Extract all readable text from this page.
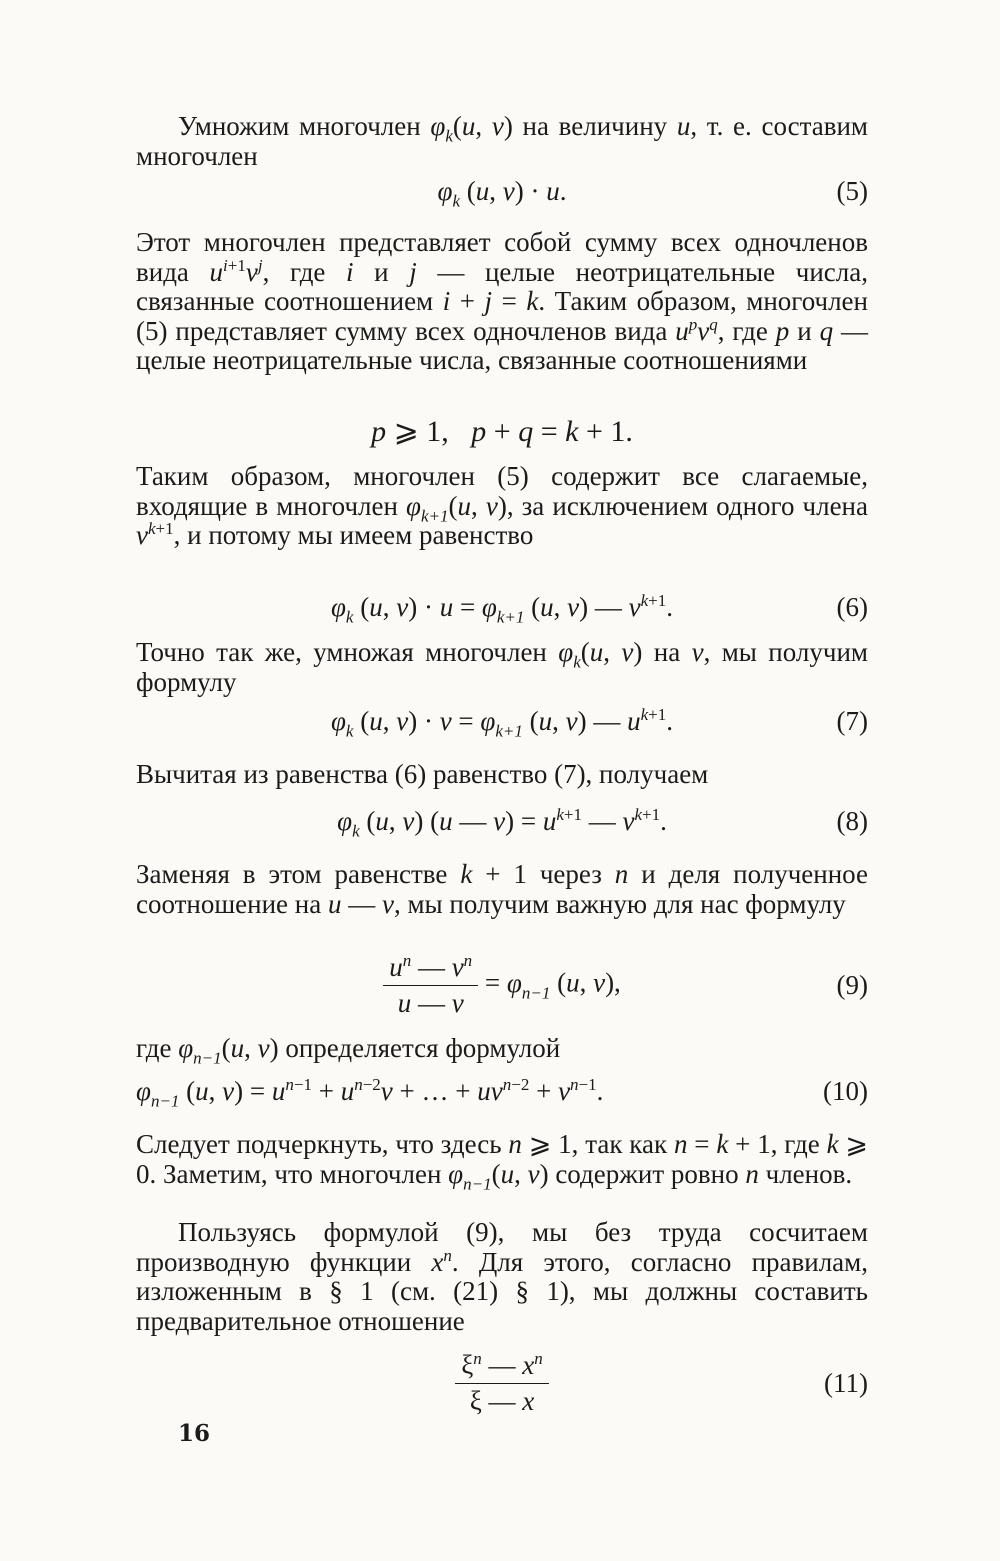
Умножим многочлен $\varphi_k(u$, v) на величину u, т. е. составим многочлен
$\varphi_k$ (u, v) · u.	(5)
Этот многочлен представляет собой сумму всех одночленов вида $u^{i+1}v^j$, где i и j — целые неотрицательные числа, связанные соотношением i + j = k. Таким образом, многочлен (5) представляет сумму всех одночленов вида $u^pv^q$, где p и q — целые неотрицательные числа, связанные соотношениями
p ⩾ 1,   p + q = k + 1.
Таким образом, многочлен (5) содержит все слагаемые, входящие в многочлен $\varphi_{k+1}(u$, v), за исключением одного члена $v^{k+1}$, и потому мы имеем равенство
$\varphi_k$ (u, $v) \cdot u = \varphi_{k+1}$ (u, v) — $v^{k+1}$.	(6)
Точно так же, умножая многочлен $\varphi_k(u$, v) на v, мы получим формулу
$\varphi_k$ (u, $v) \cdot v = \varphi_{k+1}$ (u, v) — $u^{k+1}$.	(7)
Вычитая из равенства (6) равенство (7), получаем
$\varphi_k$ (u, v) (u — $v) = u^{k+1}$ — $v^{k+1}$.	(8)
Заменяя в этом равенстве k + 1 через n и деля полученное соотношение на u — v, мы получим важную для нас формулу
$\frac{u^n — v^n}{u — v} = \varphi_{n-1}$ (u, v),	(9)
где $\varphi_{n-1}(u$, v) определяется формулой
$\varphi_{n-1}$ (u, $v) = u^{n-1} + u^{n-2}v$ + … + $uv^{n-2} + v^{n-1}$.	(10)
Следует подчеркнуть, что здесь n ⩾ 1, так как n = k + 1, где k ⩾ 0. Заметим, что многочлен $\varphi_{n-1}(u$, v) содержит ровно n членов.
Пользуясь формулой (9), мы без труда сосчитаем производную функции $x^n$. Для этого, согласно правилам, изложенным в § 1 (см. (21) § 1), мы должны составить предварительное отношение
$\frac{\xi^n — x^n}{\xi — x}$	(11)
16
